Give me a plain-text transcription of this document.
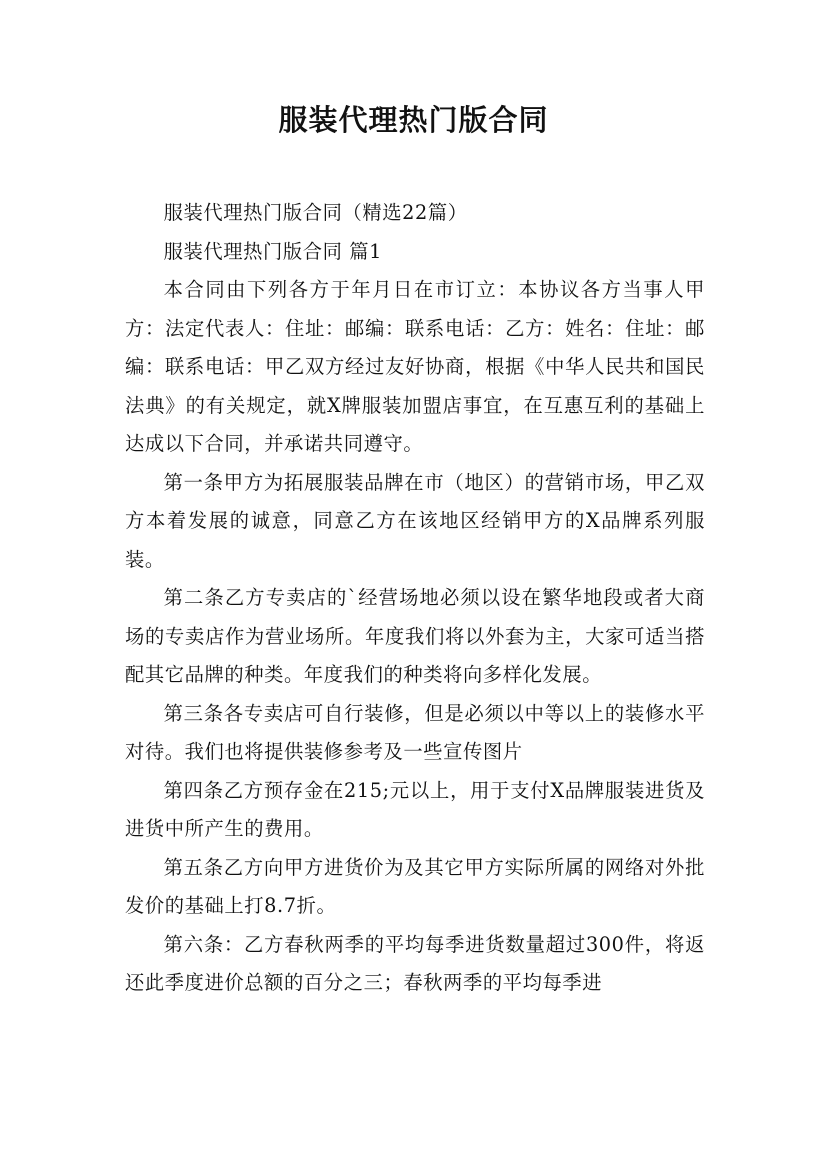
服装代理热门版合同

服装代理热门版合同（精选22篇）

服装代理热门版合同 篇1

本合同由下列各方于年月日在市订立：本协议各方当事人甲方：法定代表人：住址：邮编：联系电话：乙方：姓名：住址：邮编：联系电话：甲乙双方经过友好协商，根据《中华人民共和国民法典》的有关规定，就X牌服装加盟店事宜，在互惠互利的基础上达成以下合同，并承诺共同遵守。

第一条甲方为拓展服装品牌在市（地区）的营销市场，甲乙双方本着发展的诚意，同意乙方在该地区经销甲方的X品牌系列服装。

第二条乙方专卖店的`经营场地必须以设在繁华地段或者大商场的专卖店作为营业场所。年度我们将以外套为主，大家可适当搭配其它品牌的种类。年度我们的种类将向多样化发展。

第三条各专卖店可自行装修，但是必须以中等以上的装修水平对待。我们也将提供装修参考及一些宣传图片

第四条乙方预存金在215;元以上，用于支付X品牌服装进货及进货中所产生的费用。

第五条乙方向甲方进货价为及其它甲方实际所属的网络对外批发价的基础上打8.7折。

第六条：乙方春秋两季的平均每季进货数量超过300件，将返还此季度进价总额的百分之三；春秋两季的平均每季进
